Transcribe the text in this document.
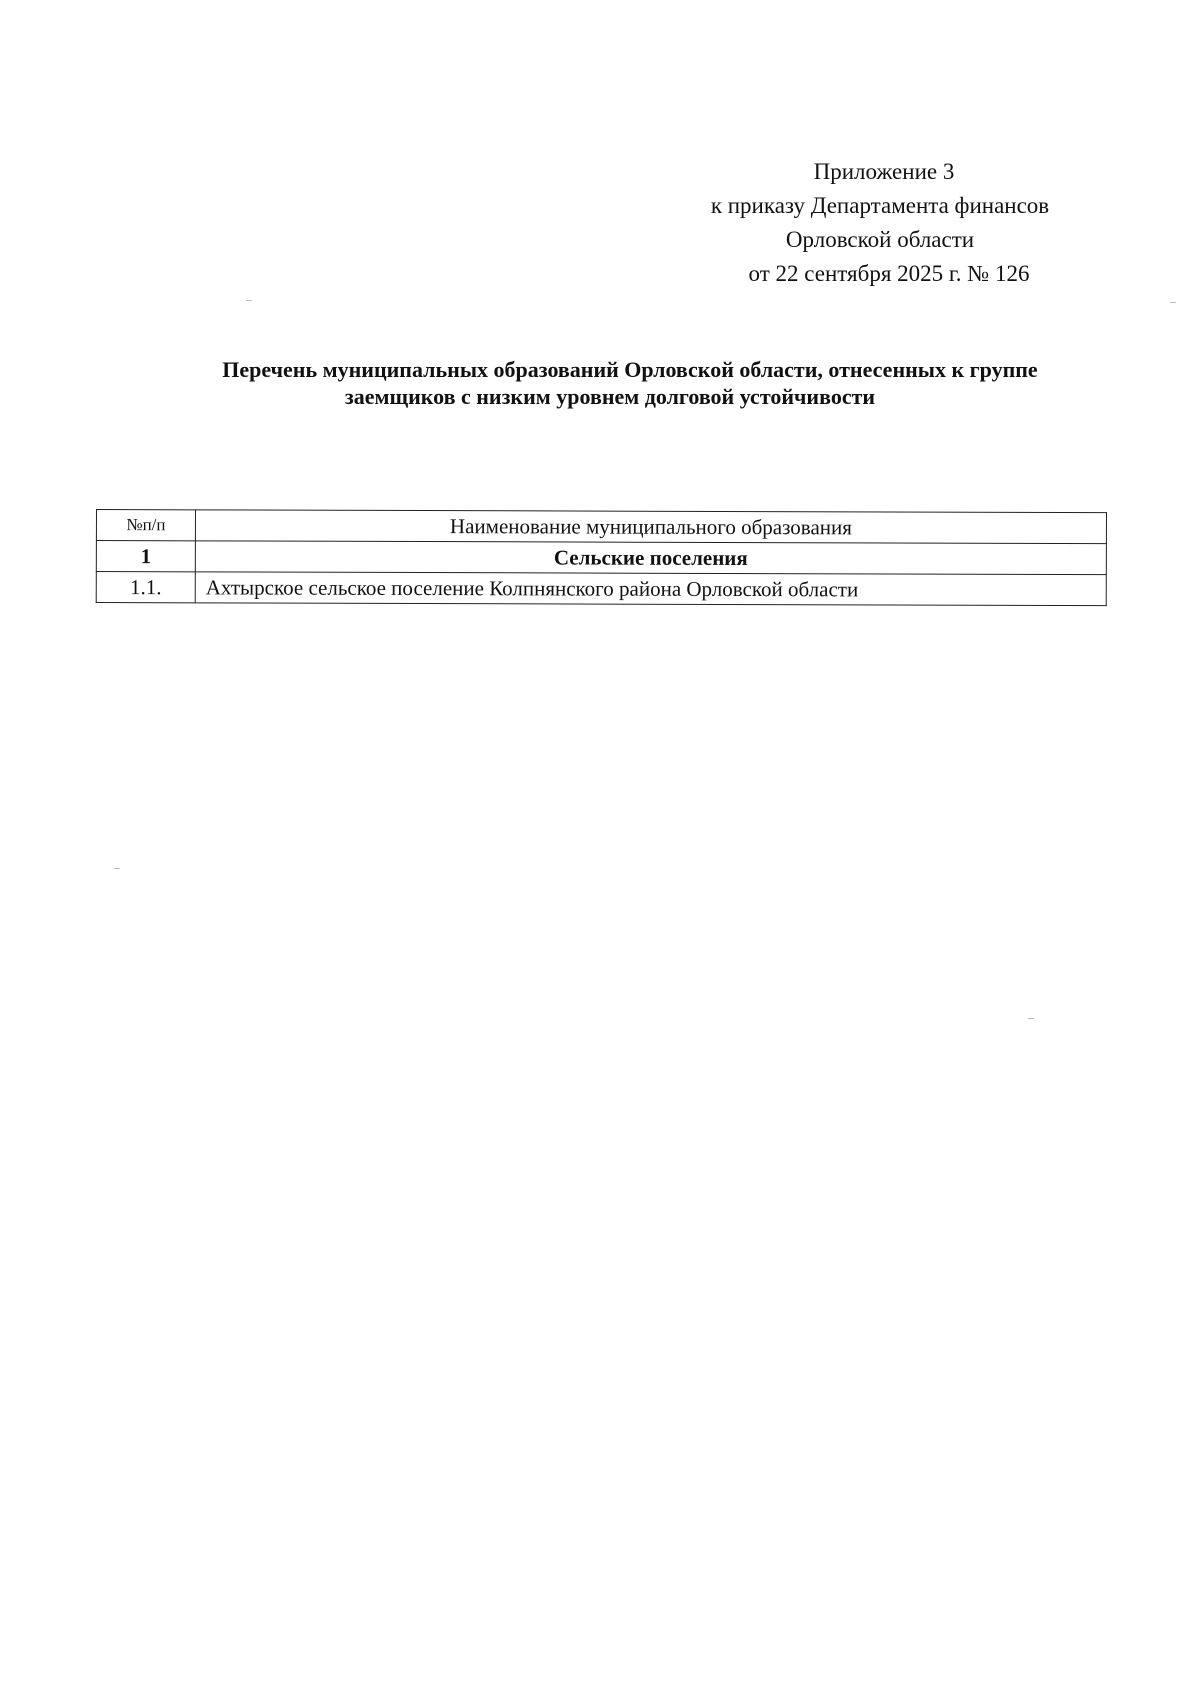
Приложение 3
к приказу Департамента финансов
Орловской области
от 22 сентября 2025 г. № 126
Перечень муниципальных образований Орловской области, отнесенных к группе
заемщиков с низким уровнем долговой устойчивости
№п/п	Наименование муниципального образования
1	Сельские поселения
1.1.	Ахтырское сельское поселение Колпнянского района Орловской области
